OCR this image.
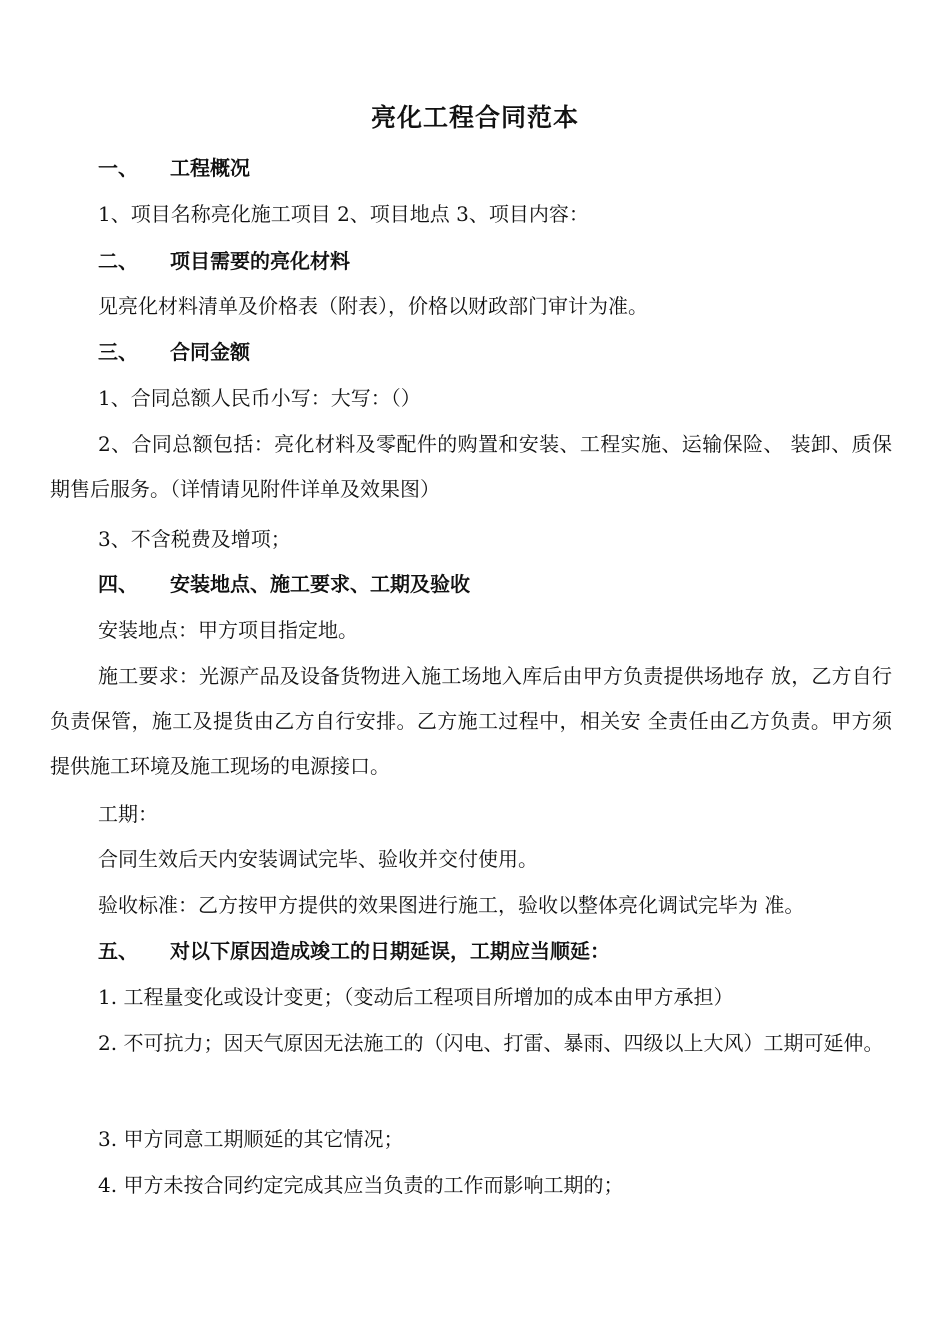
亮化工程合同范本
一、 工程概况
1、项目名称亮化施工项目 2、项目地点 3、项目内容：
二、 项目需要的亮化材料
见亮化材料清单及价格表（附表），价格以财政部门审计为准。
三、 合同金额
1、合同总额人民币小写：大写：（）
2、合同总额包括：亮化材料及零配件的购置和安装、工程实施、运输保险、 装卸、质保期售后服务。（详情请见附件详单及效果图）
3、不含税费及增项；
四、 安装地点、施工要求、工期及验收
安装地点：甲方项目指定地。
施工要求：光源产品及设备货物进入施工场地入库后由甲方负责提供场地存 放，乙方自行负责保管，施工及提货由乙方自行安排。乙方施工过程中，相关安 全责任由乙方负责。甲方须提供施工环境及施工现场的电源接口。
工期：
合同生效后天内安装调试完毕、验收并交付使用。
验收标准：乙方按甲方提供的效果图进行施工，验收以整体亮化调试完毕为 准。
五、 对以下原因造成竣工的日期延误，工期应当顺延：
1. 工程量变化或设计变更；（变动后工程项目所增加的成本由甲方承担）
2. 不可抗力；因天气原因无法施工的（闪电、打雷、暴雨、四级以上大风）工期可延伸。
3. 甲方同意工期顺延的其它情况；
4. 甲方未按合同约定完成其应当负责的工作而影响工期的；
